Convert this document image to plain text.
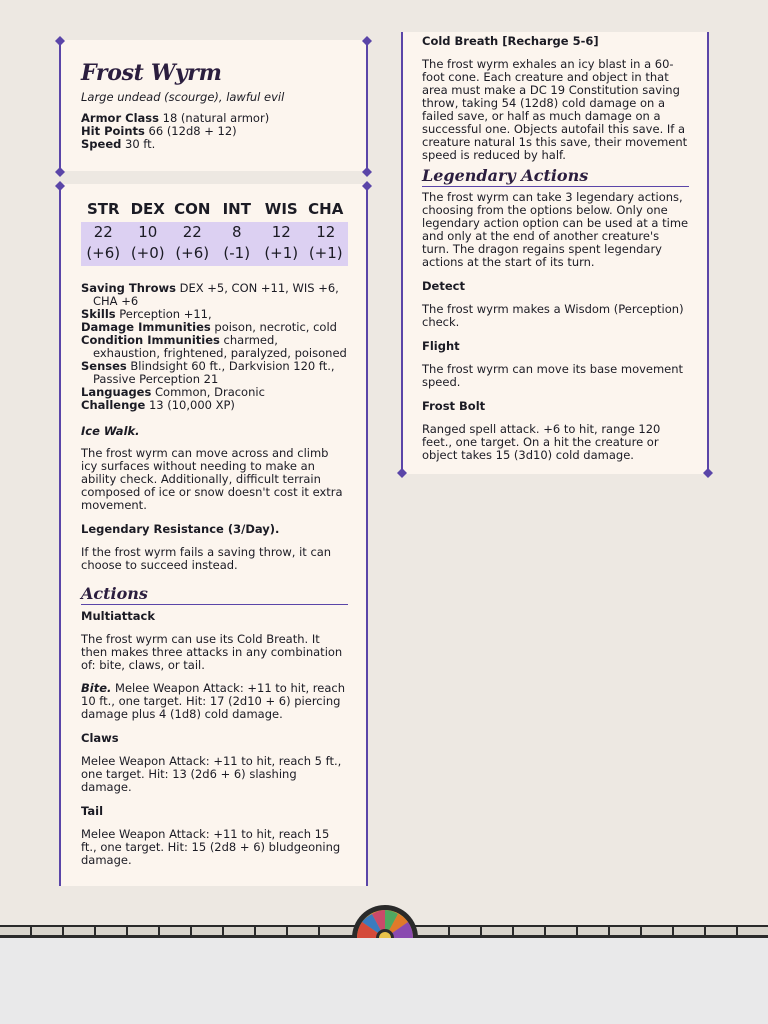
Frost Wyrm
Large undead (scourge), lawful evil
Armor Class 18 (natural armor)
Hit Points 66 (12d8 + 12)
Speed 30 ft.
STR DEX CON INT WIS CHA
22	10	22	8	12	12
(+6) (+0) (+6) (-1) (+1) (+1)
Saving Throws DEX +5, CON +11, WIS +6, CHA +6
Skills Perception +11,
Damage Immunities poison, necrotic, cold
Condition Immunities charmed, exhaustion, frightened, paralyzed, poisoned
Senses Blindsight 60 ft., Darkvision 120 ft., Passive Perception 21
Languages Common, Draconic
Challenge 13 (10,000 XP)
Ice Walk.

The frost wyrm can move across and climb icy surfaces without needing to make an ability check. Additionally, difficult terrain composed of ice or snow doesn't cost it extra movement.

Legendary Resistance (3/Day).

If the frost wyrm fails a saving throw, it can choose to succeed instead.

Actions
Multiattack

The frost wyrm can use its Cold Breath. It then makes three attacks in any combination of: bite, claws, or tail.

Bite. Melee Weapon Attack: +11 to hit, reach 10 ft., one target. Hit: 17 (2d10 + 6) piercing damage plus 4 (1d8) cold damage.

Claws

Melee Weapon Attack: +11 to hit, reach 5 ft., one target. Hit: 13 (2d6 + 6) slashing damage.

Tail

Melee Weapon Attack: +11 to hit, reach 15 ft., one target. Hit: 15 (2d8 + 6) bludgeoning damage.

Cold Breath [Recharge 5-6]

The frost wyrm exhales an icy blast in a 60-foot cone. Each creature and object in that area must make a DC 19 Constitution saving throw, taking 54 (12d8) cold damage on a failed save, or half as much damage on a successful one. Objects autofail this save. If a creature natural 1s this save, their movement speed is reduced by half.

Legendary Actions

The frost wyrm can take 3 legendary actions, choosing from the options below. Only one legendary action option can be used at a time and only at the end of another creature's turn. The dragon regains spent legendary actions at the start of its turn.

Detect

The frost wyrm makes a Wisdom (Perception) check.

Flight

The frost wyrm can move its base movement speed.

Frost Bolt

Ranged spell attack. +6 to hit, range 120 feet., one target. On a hit the creature or object takes 15 (3d10) cold damage.
